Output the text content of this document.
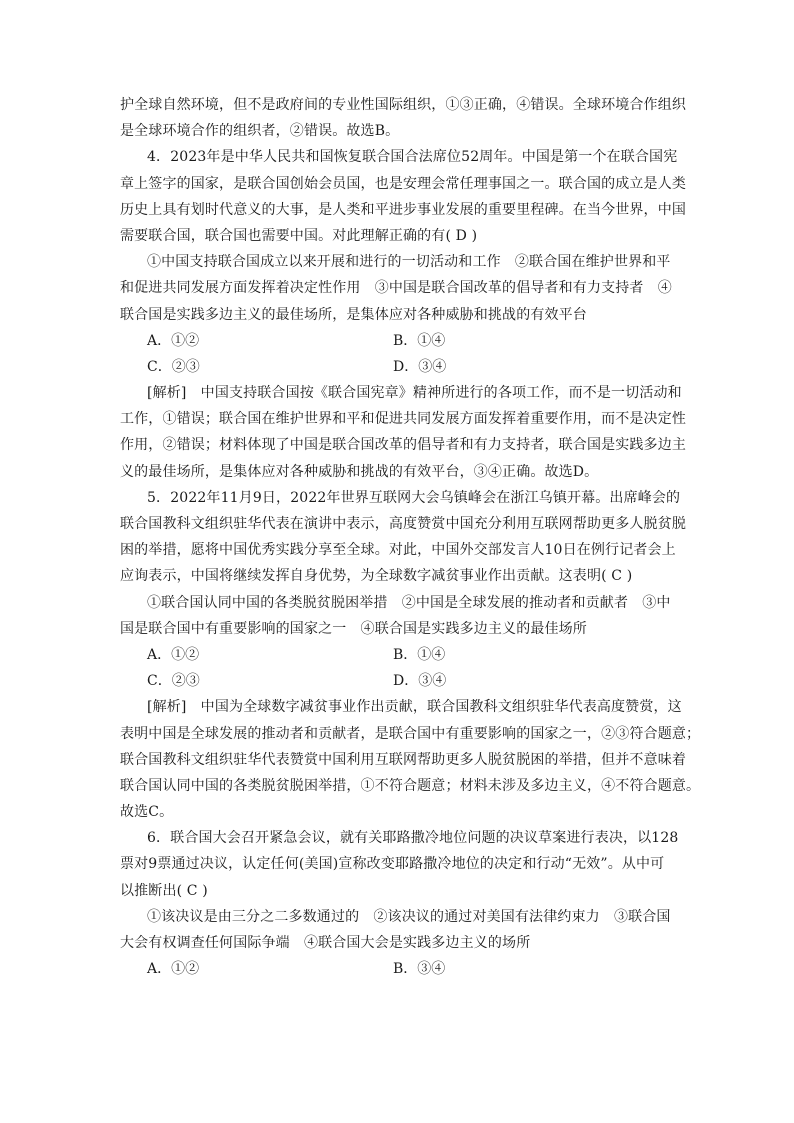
护全球自然环境，但不是政府间的专业性国际组织，①③正确，④错误。全球环境合作组织
是全球环境合作的组织者，②错误。故选B。
4．2023年是中华人民共和国恢复联合国合法席位52周年。中国是第一个在联合国宪
章上签字的国家，是联合国创始会员国，也是安理会常任理事国之一。联合国的成立是人类
历史上具有划时代意义的大事，是人类和平进步事业发展的重要里程碑。在当今世界，中国
需要联合国，联合国也需要中国。对此理解正确的有( D )
①中国支持联合国成立以来开展和进行的一切活动和工作　②联合国在维护世界和平
和促进共同发展方面发挥着决定性作用　③中国是联合国改革的倡导者和有力支持者　④
联合国是实践多边主义的最佳场所，是集体应对各种威胁和挑战的有效平台
A．①②	B．①④
C．②③	D．③④
[解析]　中国支持联合国按《联合国宪章》精神所进行的各项工作，而不是一切活动和
工作，①错误；联合国在维护世界和平和促进共同发展方面发挥着重要作用，而不是决定性
作用，②错误；材料体现了中国是联合国改革的倡导者和有力支持者，联合国是实践多边主
义的最佳场所，是集体应对各种威胁和挑战的有效平台，③④正确。故选D。
5．2022年11月9日，2022年世界互联网大会乌镇峰会在浙江乌镇开幕。出席峰会的
联合国教科文组织驻华代表在演讲中表示，高度赞赏中国充分利用互联网帮助更多人脱贫脱
困的举措，愿将中国优秀实践分享至全球。对此，中国外交部发言人10日在例行记者会上
应询表示，中国将继续发挥自身优势，为全球数字减贫事业作出贡献。这表明( C )
①联合国认同中国的各类脱贫脱困举措　②中国是全球发展的推动者和贡献者　③中
国是联合国中有重要影响的国家之一　④联合国是实践多边主义的最佳场所
A．①②	B．①④
C．②③	D．③④
[解析]　中国为全球数字减贫事业作出贡献，联合国教科文组织驻华代表高度赞赏，这
表明中国是全球发展的推动者和贡献者，是联合国中有重要影响的国家之一，②③符合题意；
联合国教科文组织驻华代表赞赏中国利用互联网帮助更多人脱贫脱困的举措，但并不意味着
联合国认同中国的各类脱贫脱困举措，①不符合题意；材料未涉及多边主义，④不符合题意。
故选C。
6．联合国大会召开紧急会议，就有关耶路撒冷地位问题的决议草案进行表决，以128
票对9票通过决议，认定任何(美国)宣称改变耶路撒冷地位的决定和行动“无效”。从中可
以推断出( C )
①该决议是由三分之二多数通过的　②该决议的通过对美国有法律约束力　③联合国
大会有权调查任何国际争端　④联合国大会是实践多边主义的场所
A．①②	B．③④
